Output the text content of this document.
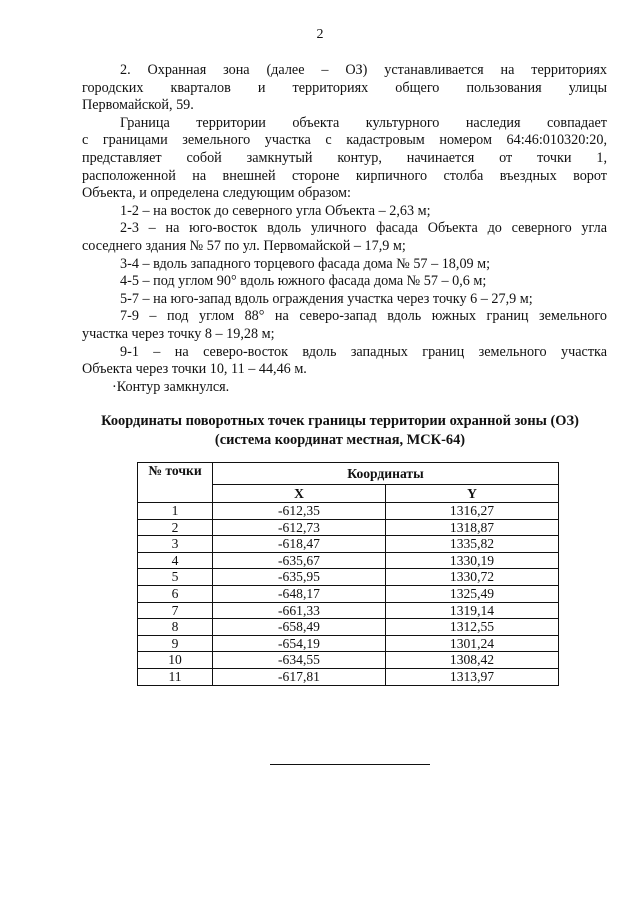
2

2. Охранная зона (далее – ОЗ) устанавливается на территориях
городских кварталов и территориях общего пользования улицы
Первомайской, 59.

Граница территории объекта культурного наследия совпадает
с границами земельного участка с кадастровым номером 64:46:010320:20,
представляет собой замкнутый контур, начинается от точки 1,
расположенной на внешней стороне кирпичного столба въездных ворот
Объекта, и определена следующим образом:

1-2 – на восток до северного угла Объекта – 2,63 м;

2-3 – на юго-восток вдоль уличного фасада Объекта до северного угла
соседнего здания № 57 по ул. Первомайской – 17,9 м;

3-4 – вдоль западного торцевого фасада дома № 57 – 18,09 м;

4-5 – под углом 90° вдоль южного фасада дома № 57 – 0,6 м;

5-7 – на юго-запад вдоль ограждения участка через точку 6 – 27,9 м;

7-9 – под углом 88° на северо-запад вдоль южных границ земельного
участка через точку 8 – 19,28 м;

9-1 – на северо-восток вдоль западных границ земельного участка
Объекта через точки 10, 11 – 44,46 м.

·Контур замкнулся.

Координаты поворотных точек границы территории охранной зоны (ОЗ)
(система координат местная, МСК-64)
№ точки	Координаты	
	X	Y
1	-612,35	1316,27
2	-612,73	1318,87
3	-618,47	1335,82
4	-635,67	1330,19
5	-635,95	1330,72
6	-648,17	1325,49
7	-661,33	1319,14
8	-658,49	1312,55
9	-654,19	1301,24
10	-634,55	1308,42
11	-617,81	1313,97
